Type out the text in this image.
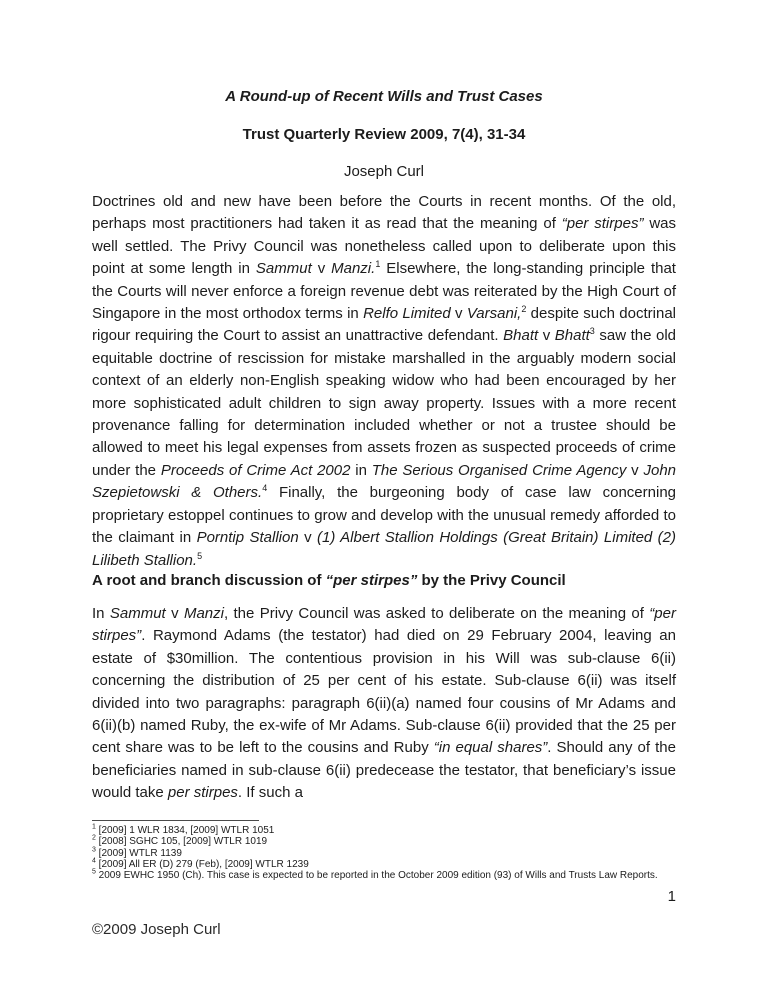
A Round-up of Recent Wills and Trust Cases
Trust Quarterly Review 2009, 7(4), 31-34
Joseph Curl

Doctrines old and new have been before the Courts in recent months. Of the old, perhaps most practitioners had taken it as read that the meaning of “per stirpes” was well settled. The Privy Council was nonetheless called upon to deliberate upon this point at some length in Sammut v Manzi.$^1$ Elsewhere, the long-standing principle that the Courts will never enforce a foreign revenue debt was reiterated by the High Court of Singapore in the most orthodox terms in Relfo Limited v Varsani,$^2$ despite such doctrinal rigour requiring the Court to assist an unattractive defendant. Bhatt v Bhatt$^3$ saw the old equitable doctrine of rescission for mistake marshalled in the arguably modern social context of an elderly non-English speaking widow who had been encouraged by her more sophisticated adult children to sign away property. Issues with a more recent provenance falling for determination included whether or not a trustee should be allowed to meet his legal expenses from assets frozen as suspected proceeds of crime under the Proceeds of Crime Act 2002 in The Serious Organised Crime Agency v John Szepietowski & Others.$^4$ Finally, the burgeoning body of case law concerning proprietary estoppel continues to grow and develop with the unusual remedy afforded to the claimant in Porntip Stallion v (1) Albert Stallion Holdings (Great Britain) Limited (2) Lilibeth Stallion.$^5$

A root and branch discussion of “per stirpes” by the Privy Council

In Sammut v Manzi, the Privy Council was asked to deliberate on the meaning of “per stirpes”. Raymond Adams (the testator) had died on 29 February 2004, leaving an estate of $30million. The contentious provision in his Will was sub-clause 6(ii) concerning the distribution of 25 per cent of his estate. Sub-clause 6(ii) was itself divided into two paragraphs: paragraph 6(ii)(a) named four cousins of Mr Adams and 6(ii)(b) named Ruby, the ex-wife of Mr Adams. Sub-clause 6(ii) provided that the 25 per cent share was to be left to the cousins and Ruby “in equal shares”. Should any of the beneficiaries named in sub-clause 6(ii) predecease the testator, that beneficiary’s issue would take per stirpes. If such a

$^1$ [2009] 1 WLR 1834, [2009] WTLR 1051
$^2$ [2008] SGHC 105, [2009] WTLR 1019
$^3$ [2009] WTLR 1139
$^4$ [2009] All ER (D) 279 (Feb), [2009] WTLR 1239
$^5$ 2009 EWHC 1950 (Ch). This case is expected to be reported in the October 2009 edition (93) of Wills and Trusts Law Reports.
1
©2009 Joseph Curl
